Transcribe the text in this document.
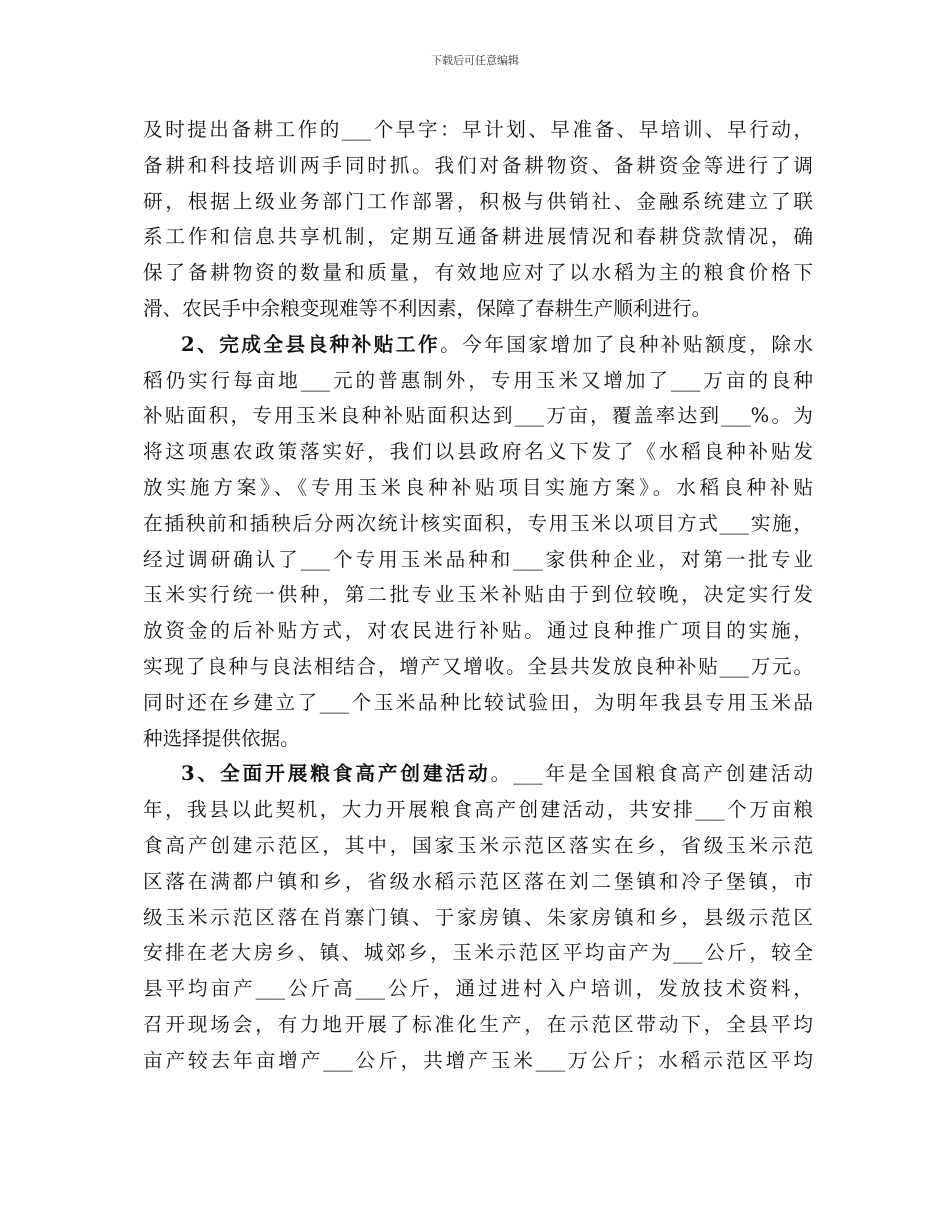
下载后可任意编辑
及时提出备耕工作的___个早字：早计划、早准备、早培训、早行动，
备耕和科技培训两手同时抓。我们对备耕物资、备耕资金等进行了调
研，根据上级业务部门工作部署，积极与供销社、金融系统建立了联
系工作和信息共享机制，定期互通备耕进展情况和春耕贷款情况，确
保了备耕物资的数量和质量，有效地应对了以水稻为主的粮食价格下
滑、农民手中余粮变现难等不利因素，保障了春耕生产顺利进行。
2、完成全县良种补贴工作。今年国家增加了良种补贴额度，除水
稻仍实行每亩地___元的普惠制外，专用玉米又增加了___万亩的良种
补贴面积，专用玉米良种补贴面积达到___万亩，覆盖率达到___%。为
将这项惠农政策落实好，我们以县政府名义下发了《水稻良种补贴发
放实施方案》、《专用玉米良种补贴项目实施方案》。水稻良种补贴
在插秧前和插秧后分两次统计核实面积，专用玉米以项目方式___实施，
经过调研确认了___个专用玉米品种和___家供种企业，对第一批专业
玉米实行统一供种，第二批专业玉米补贴由于到位较晚，决定实行发
放资金的后补贴方式，对农民进行补贴。通过良种推广项目的实施，
实现了良种与良法相结合，增产又增收。全县共发放良种补贴___万元。
同时还在乡建立了___个玉米品种比较试验田，为明年我县专用玉米品
种选择提供依据。
3、全面开展粮食高产创建活动。___年是全国粮食高产创建活动
年，我县以此契机，大力开展粮食高产创建活动，共安排___个万亩粮
食高产创建示范区，其中，国家玉米示范区落实在乡，省级玉米示范
区落在满都户镇和乡，省级水稻示范区落在刘二堡镇和冷子堡镇，市
级玉米示范区落在肖寨门镇、于家房镇、朱家房镇和乡，县级示范区
安排在老大房乡、镇、城郊乡，玉米示范区平均亩产为___公斤，较全
县平均亩产___公斤高___公斤，通过进村入户培训，发放技术资料，
召开现场会，有力地开展了标准化生产，在示范区带动下，全县平均
亩产较去年亩增产___公斤，共增产玉米___万公斤；水稻示范区平均
